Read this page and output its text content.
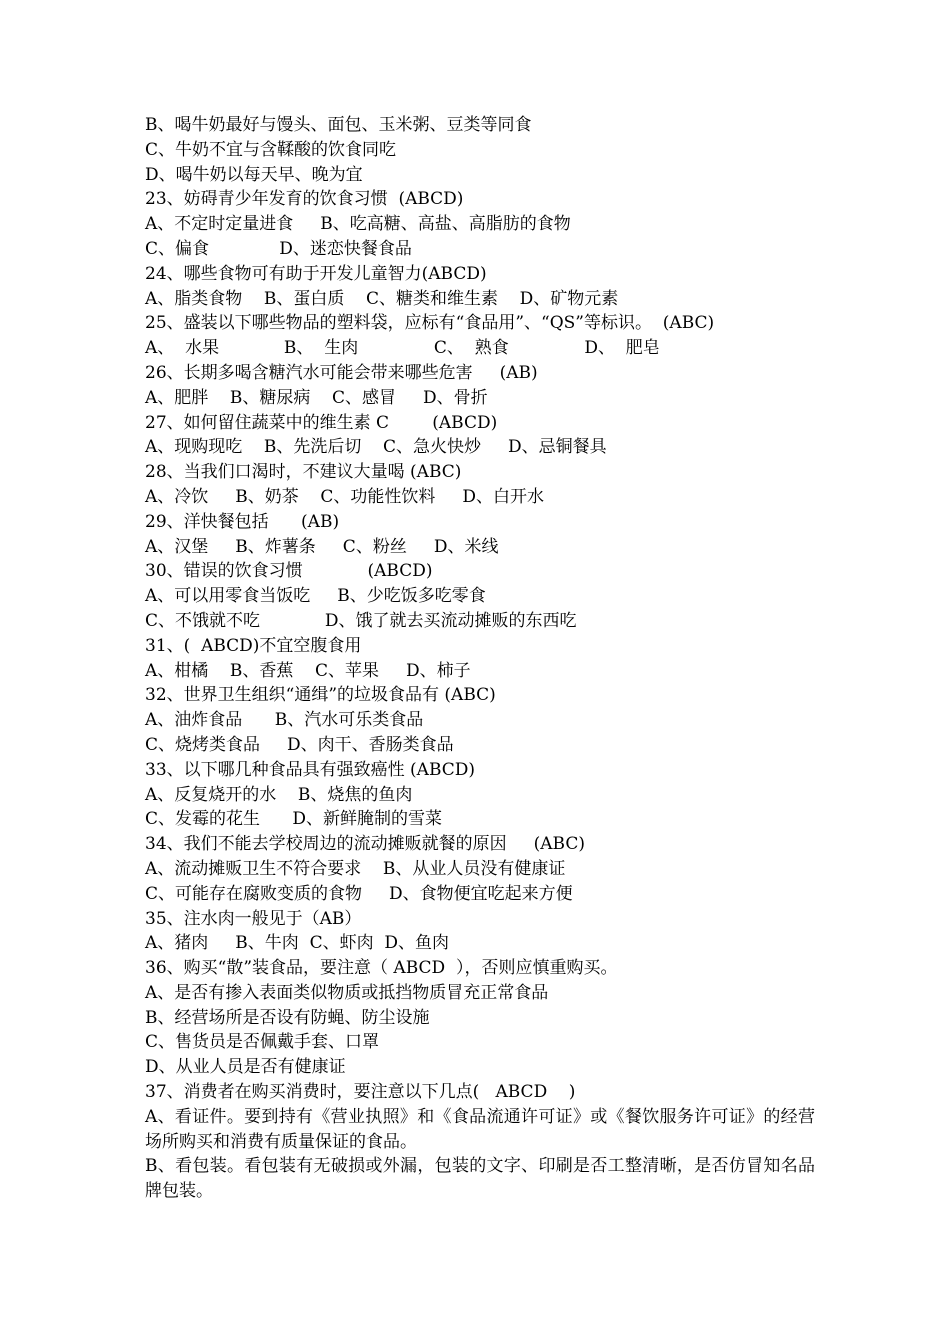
B、喝牛奶最好与馒头、面包、玉米粥、豆类等同食
C、牛奶不宜与含鞣酸的饮食同吃
D、喝牛奶以每天早、晚为宜
23、妨碍青少年发育的饮食习惯  (ABCD)
A、不定时定量进食     B、吃高糖、高盐、高脂肪的食物
C、偏食             D、迷恋快餐食品
24、哪些食物可有助于开发儿童智力(ABCD)
A、脂类食物    B、蛋白质    C、糖类和维生素    D、矿物元素
25、盛装以下哪些物品的塑料袋，应标有“食品用”、“QS”等标识。  (ABC)
A、  水果            B、  生肉              C、  熟食              D、  肥皂
26、长期多喝含糖汽水可能会带来哪些危害     (AB)
A、肥胖    B、糖尿病    C、感冒     D、骨折
27、如何留住蔬菜中的维生素 C        (ABCD)
A、现购现吃    B、先洗后切    C、急火快炒     D、忌铜餐具
28、当我们口渴时，不建议大量喝 (ABC)
A、冷饮     B、奶茶    C、功能性饮料     D、白开水
29、洋快餐包括      (AB)
A、汉堡     B、炸薯条     C、粉丝     D、米线
30、错误的饮食习惯            (ABCD)
A、可以用零食当饭吃     B、少吃饭多吃零食
C、不饿就不吃            D、饿了就去买流动摊贩的东西吃
31、(  ABCD)不宜空腹食用
A、柑橘    B、香蕉    C、苹果     D、柿子
32、世界卫生组织“通缉”的垃圾食品有 (ABC)
A、油炸食品      B、汽水可乐类食品
C、烧烤类食品     D、肉干、香肠类食品
33、以下哪几种食品具有强致癌性 (ABCD)
A、反复烧开的水    B、烧焦的鱼肉
C、发霉的花生      D、新鲜腌制的雪菜
34、我们不能去学校周边的流动摊贩就餐的原因     (ABC)
A、流动摊贩卫生不符合要求    B、从业人员没有健康证
C、可能存在腐败变质的食物     D、食物便宜吃起来方便
35、注水肉一般见于（AB）
A、猪肉     B、牛肉  C、虾肉  D、鱼肉
36、购买“散”装食品，要注意（ ABCD  ），否则应慎重购买。
A、是否有掺入表面类似物质或抵挡物质冒充正常食品
B、经营场所是否设有防蝇、防尘设施
C、售货员是否佩戴手套、口罩
D、从业人员是否有健康证
37、消费者在购买消费时，要注意以下几点(   ABCD    )
A、看证件。要到持有《营业执照》和《食品流通许可证》或《餐饮服务许可证》的经营场所购买和消费有质量保证的食品。
B、看包装。看包装有无破损或外漏，包装的文字、印刷是否工整清晰，是否仿冒知名品牌包装。
